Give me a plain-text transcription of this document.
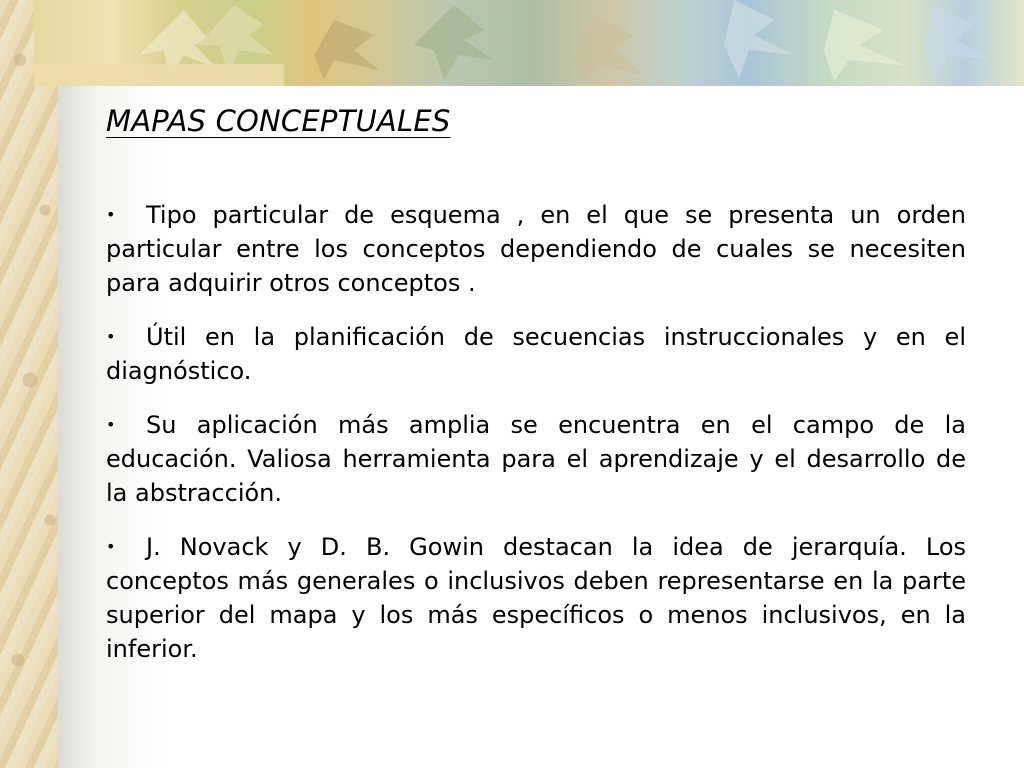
MAPAS CONCEPTUALES
• Tipo particular de esquema , en el que se presenta un orden particular entre los conceptos dependiendo de cuales se necesiten para adquirir otros conceptos .
• Útil en la planificación de secuencias instruccionales y en el diagnóstico.
• Su aplicación más amplia se encuentra en el campo de la educación. Valiosa herramienta para el aprendizaje y el desarrollo de la abstracción.
• J. Novack y D. B. Gowin destacan la idea de jerarquía. Los conceptos más generales o inclusivos deben representarse en la parte superior del mapa y los más específicos o menos inclusivos, en la inferior.
